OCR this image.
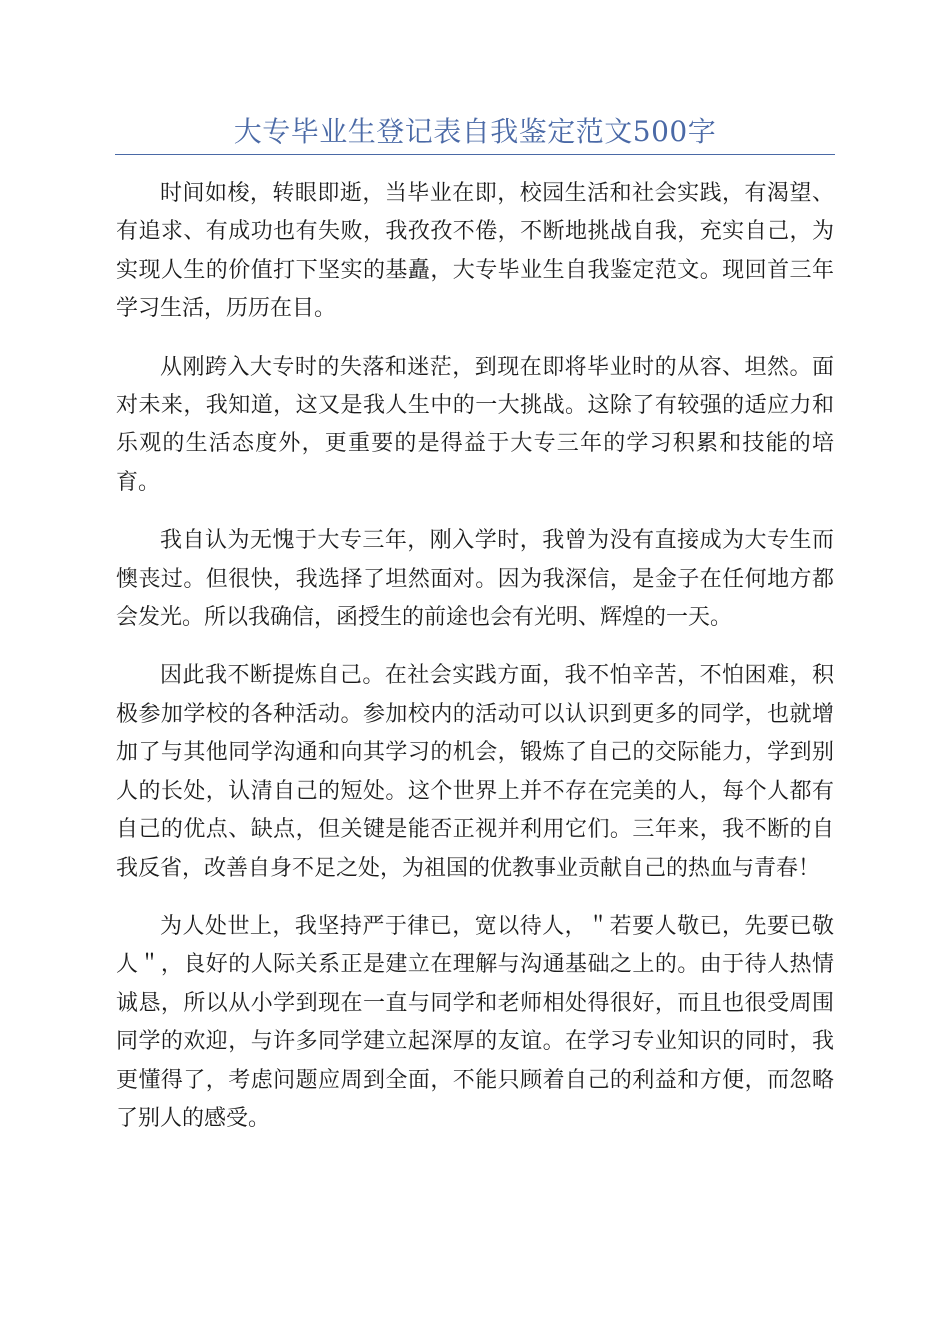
大专毕业生登记表自我鉴定范文500字

时间如梭，转眼即逝，当毕业在即，校园生活和社会实践，有渴望、有追求、有成功也有失败，我孜孜不倦，不断地挑战自我，充实自己，为实现人生的价值打下坚实的基矗，大专毕业生自我鉴定范文。现回首三年学习生活，历历在目。

从刚跨入大专时的失落和迷茫，到现在即将毕业时的从容、坦然。面对未来，我知道，这又是我人生中的一大挑战。这除了有较强的适应力和乐观的生活态度外，更重要的是得益于大专三年的学习积累和技能的培育。

我自认为无愧于大专三年，刚入学时，我曾为没有直接成为大专生而懊丧过。但很快，我选择了坦然面对。因为我深信，是金子在任何地方都会发光。所以我确信，函授生的前途也会有光明、辉煌的一天。

因此我不断提炼自己。在社会实践方面，我不怕辛苦，不怕困难，积极参加学校的各种活动。参加校内的活动可以认识到更多的同学，也就增加了与其他同学沟通和向其学习的机会，锻炼了自己的交际能力，学到别人的长处，认清自己的短处。这个世界上并不存在完美的人，每个人都有自己的优点、缺点，但关键是能否正视并利用它们。三年来，我不断的自我反省，改善自身不足之处，为祖国的优教事业贡献自己的热血与青春！

为人处世上，我坚持严于律已，宽以待人，＂若要人敬已，先要已敬人＂，良好的人际关系正是建立在理解与沟通基础之上的。由于待人热情诚恳，所以从小学到现在一直与同学和老师相处得很好，而且也很受周围同学的欢迎，与许多同学建立起深厚的友谊。在学习专业知识的同时，我更懂得了，考虑问题应周到全面，不能只顾着自己的利益和方便，而忽略了别人的感受。
